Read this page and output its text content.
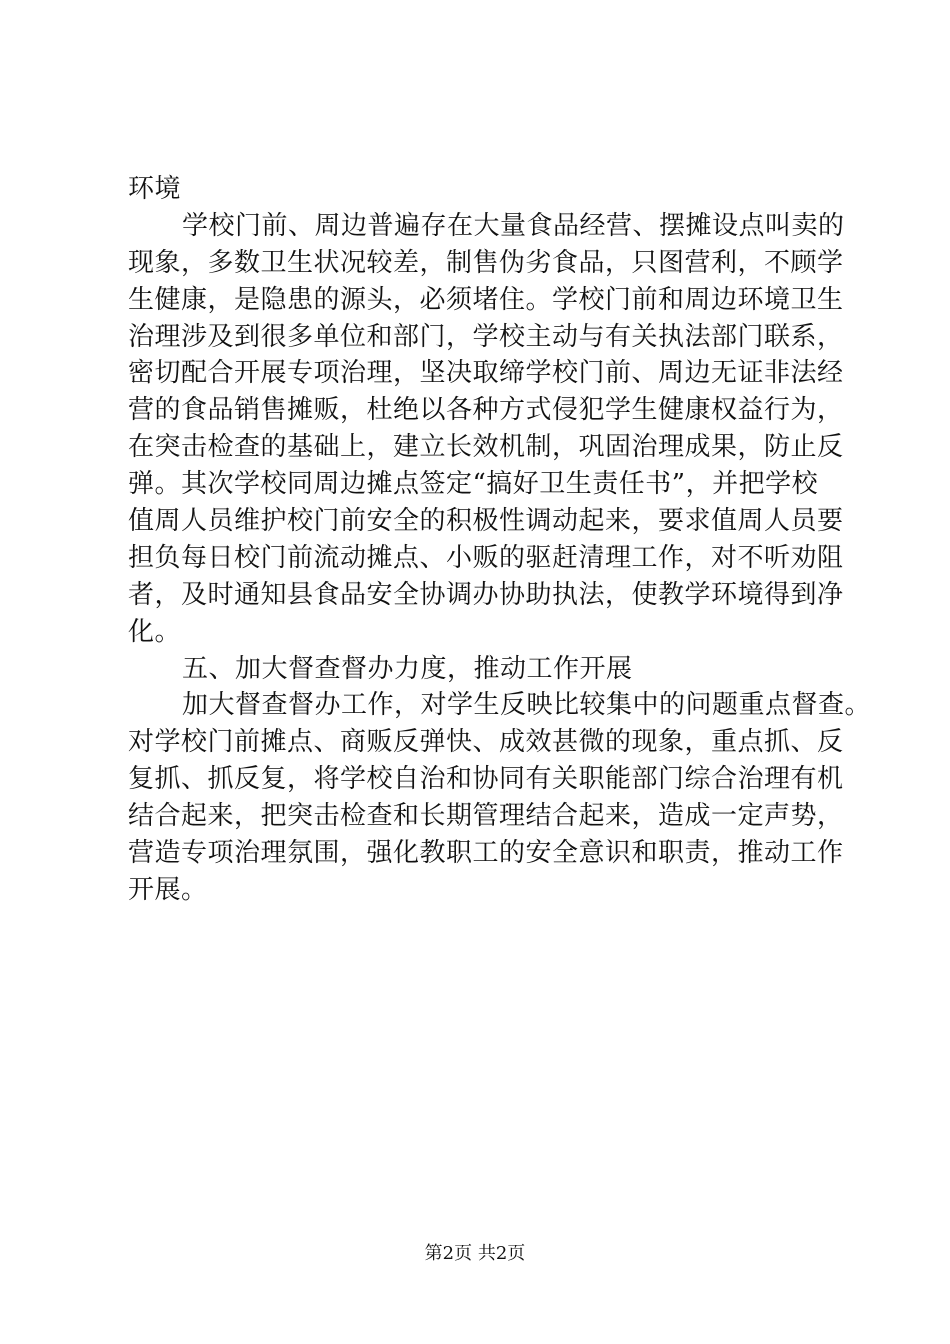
环境
学校门前、周边普遍存在大量食品经营、摆摊设点叫卖的
现象，多数卫生状况较差，制售伪劣食品，只图营利，不顾学
生健康，是隐患的源头，必须堵住。学校门前和周边环境卫生
治理涉及到很多单位和部门，学校主动与有关执法部门联系，
密切配合开展专项治理，坚决取缔学校门前、周边无证非法经
营的食品销售摊贩，杜绝以各种方式侵犯学生健康权益行为，
在突击检查的基础上，建立长效机制，巩固治理成果，防止反
弹。其次学校同周边摊点签定“搞好卫生责任书”，并把学校
值周人员维护校门前安全的积极性调动起来，要求值周人员要
担负每日校门前流动摊点、小贩的驱赶清理工作，对不听劝阻
者，及时通知县食品安全协调办协助执法，使教学环境得到净
化。
五、加大督查督办力度，推动工作开展
加大督查督办工作，对学生反映比较集中的问题重点督查。
对学校门前摊点、商贩反弹快、成效甚微的现象，重点抓、反
复抓、抓反复，将学校自治和协同有关职能部门综合治理有机
结合起来，把突击检查和长期管理结合起来，造成一定声势，
营造专项治理氛围，强化教职工的安全意识和职责，推动工作
开展。
第2页 共2页
